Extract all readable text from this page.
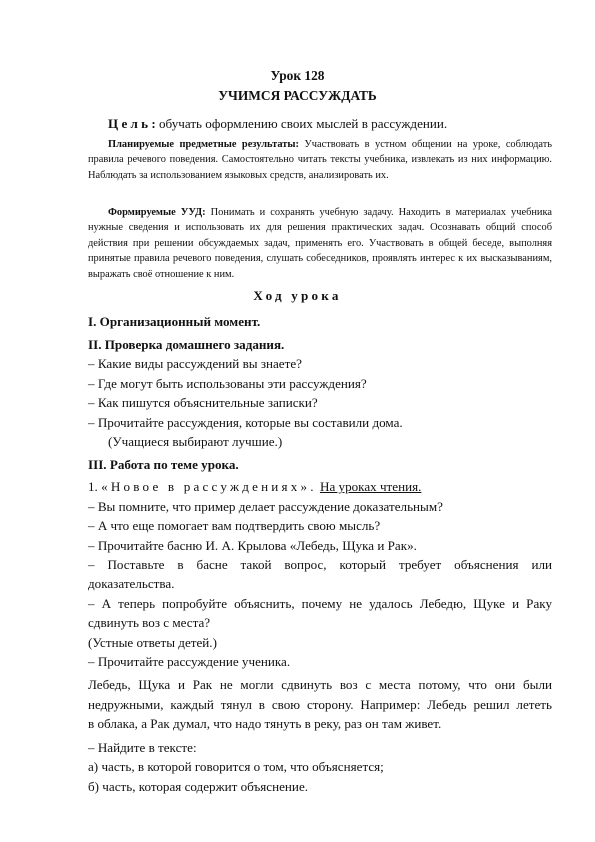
Урок 128
УЧИМСЯ РАССУЖДАТЬ

Ц е л ь : обучать оформлению своих мыслей в рассуждении.

Планируемые предметные результаты: Участвовать в устном общении на уроке, соблюдать правила речевого поведения. Самостоятельно читать тексты учебника, извлекать из них информацию. Наблюдать за использованием языковых средств, анализировать их.

Формируемые УУД: Понимать и сохранять учебную задачу. Находить в материалах учебника нужные сведения и использовать их для решения практических задач. Осознавать общий способ действия при решении обсуждаемых задач, применять его. Участвовать в общей беседе, выполняя принятые правила речевого поведения, слушать собеседников, проявлять интерес к их высказываниям, выражать своё отношение к ним.

Ход урока
I. Организационный момент.
II. Проверка домашнего задания.
– Какие виды рассуждений вы знаете?
– Где могут быть использованы эти рассуждения?
– Как пишутся объяснительные записки?
– Прочитайте рассуждения, которые вы составили дома.
(Учащиеся выбирают лучшие.)
III. Работа по теме урока.
1. «Новое в рассуждениях». На уроках чтения.
– Вы помните, что пример делает рассуждение доказательным?
– А что еще помогает вам подтвердить свою мысль?
– Прочитайте басню И. А. Крылова «Лебедь, Щука и Рак».
– Поставьте в басне такой вопрос, который требует объяснения или
доказательства.
– А теперь попробуйте объяснить, почему не удалось Лебедю, Щуке и Раку
сдвинуть воз с места?
(Устные ответы детей.)
– Прочитайте рассуждение ученика.
Лебедь, Щука и Рак не могли сдвинуть воз с места потому, что они были
недружными, каждый тянул в свою сторону. Например: Лебедь решил лететь
в облака, а Рак думал, что надо тянуть в реку, раз он там живет.
– Найдите в тексте:
а) часть, в которой говорится о том, что объясняется;
б) часть, которая содержит объяснение.
